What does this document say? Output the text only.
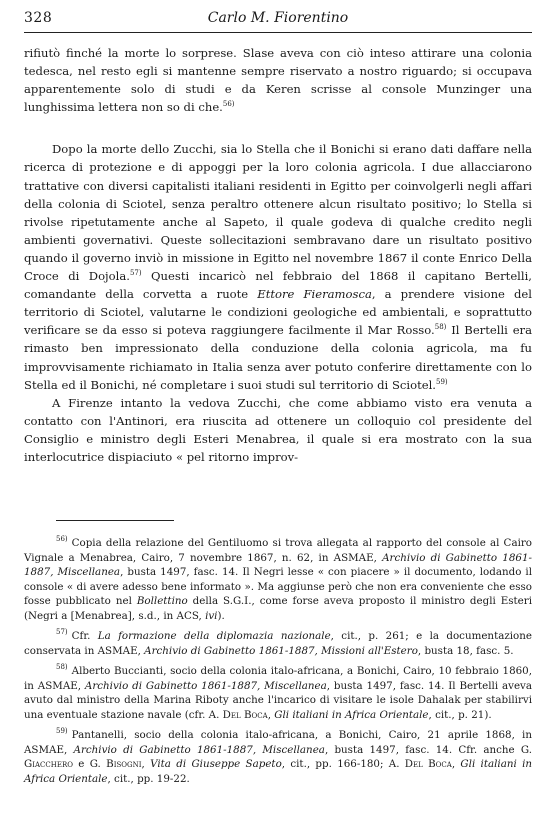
328	Carlo M. Fiorentino

rifiutò finché la morte lo sorprese. Slase aveva con ciò inteso attirare una colonia tedesca, nel resto egli si mantenne sempre riservato a nostro riguardo; si occupava apparentemente solo di studi e da Keren scrisse al console Munzinger una lunghissima lettera non so di che.$^{56)}$

Dopo la morte dello Zucchi, sia lo Stella che il Bonichi si erano dati daffare nella ricerca di protezione e di appoggi per la loro colonia agricola. I due allacciarono trattative con diversi capitalisti italiani residenti in Egitto per coinvolgerli negli affari della colonia di Sciotel, senza peraltro ottenere alcun risultato positivo; lo Stella si rivolse ripetutamente anche al Sapeto, il quale godeva di qualche credito negli ambienti governativi. Queste sollecitazioni sembravano dare un risultato positivo quando il governo inviò in missione in Egitto nel novembre 1867 il conte Enrico Della Croce di Dojola.$^{57)}$ Questi incaricò nel febbraio del 1868 il capitano Bertelli, comandante della corvetta a ruote Ettore Fieramosca, a prendere visione del territorio di Sciotel, valutarne le condizioni geologiche ed ambientali, e soprattutto verificare se da esso si poteva raggiungere facilmente il Mar Rosso.$^{58)}$ Il Bertelli era rimasto ben impressionato della conduzione della colonia agricola, ma fu improvvisamente richiamato in Italia senza aver potuto conferire direttamente con lo Stella ed il Bonichi, né completare i suoi studi sul territorio di Sciotel.$^{59)}$

A Firenze intanto la vedova Zucchi, che come abbiamo visto era venuta a contatto con l'Antinori, era riuscita ad ottenere un colloquio col presidente del Consiglio e ministro degli Esteri Menabrea, il quale si era mostrato con la sua interlocutrice dispiaciuto « pel ritorno improv-

$^{56)}$ Copia della relazione del Gentiluomo si trova allegata al rapporto del console al Cairo Vignale a Menabrea, Cairo, 7 novembre 1867, n. 62, in ASMAE, Archivio di Gabinetto 1861-1887, Miscellanea, busta 1497, fasc. 14. Il Negri lesse « con piacere » il documento, lodando il console « di avere adesso bene informato ». Ma aggiunse però che non era conveniente che esso fosse pubblicato nel Bollettino della S.G.I., come forse aveva proposto il ministro degli Esteri (Negri a [Menabrea], s.d., in ACS, ivi).

$^{57)}$ Cfr. La formazione della diplomazia nazionale, cit., p. 261; e la documentazione conservata in ASMAE, Archivio di Gabinetto 1861-1887, Missioni all'Estero, busta 18, fasc. 5.

$^{58)}$ Alberto Buccianti, socio della colonia italo-africana, a Bonichi, Cairo, 10 febbraio 1860, in ASMAE, Archivio di Gabinetto 1861-1887, Miscellanea, busta 1497, fasc. 14. Il Bertelli aveva avuto dal ministro della Marina Riboty anche l'incarico di visitare le isole Dahalak per stabilirvi una eventuale stazione navale (cfr. A. Del Boca, Gli italiani in Africa Orientale, cit., p. 21).

$^{59)}$ Pantanelli, socio della colonia italo-africana, a Bonichi, Cairo, 21 aprile 1868, in ASMAE, Archivio di Gabinetto 1861-1887, Miscellanea, busta 1497, fasc. 14. Cfr. anche G. Giacchero e G. Bisogni, Vita di Giuseppe Sapeto, cit., pp. 166-180; A. Del Boca, Gli italiani in Africa Orientale, cit., pp. 19-22.
